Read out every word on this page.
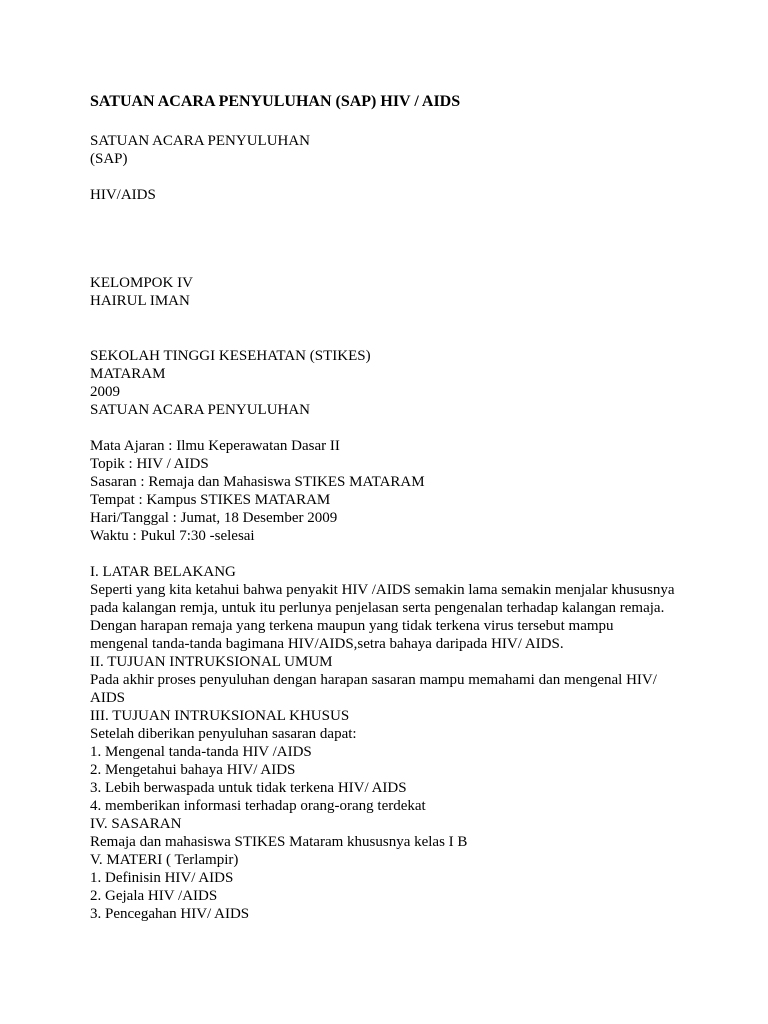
SATUAN ACARA PENYULUHAN (SAP) HIV / AIDS

SATUAN ACARA PENYULUHAN

(SAP)

HIV/AIDS

KELOMPOK IV

HAIRUL IMAN

SEKOLAH TINGGI KESEHATAN (STIKES)

MATARAM

2009

SATUAN ACARA PENYULUHAN

Mata Ajaran : Ilmu Keperawatan Dasar II

Topik : HIV / AIDS

Sasaran : Remaja dan Mahasiswa STIKES MATARAM

Tempat : Kampus STIKES MATARAM

Hari/Tanggal : Jumat, 18 Desember 2009

Waktu : Pukul 7:30 -selesai

I. LATAR BELAKANG

Seperti yang kita ketahui bahwa penyakit HIV /AIDS semakin lama semakin menjalar khususnya

pada kalangan remja, untuk itu perlunya penjelasan serta pengenalan terhadap kalangan remaja.

Dengan harapan remaja yang terkena maupun yang tidak terkena virus tersebut mampu

mengenal tanda-tanda bagimana HIV/AIDS,setra bahaya daripada HIV/ AIDS.

II. TUJUAN INTRUKSIONAL UMUM

Pada akhir proses penyuluhan dengan harapan sasaran mampu memahami dan mengenal HIV/

AIDS

III. TUJUAN INTRUKSIONAL KHUSUS

Setelah diberikan penyuluhan sasaran dapat:

1. Mengenal tanda-tanda HIV /AIDS

2. Mengetahui bahaya HIV/ AIDS

3. Lebih berwaspada untuk tidak terkena HIV/ AIDS

4. memberikan informasi terhadap orang-orang terdekat

IV. SASARAN

Remaja dan mahasiswa STIKES Mataram khususnya kelas I B

V. MATERI ( Terlampir)

1. Definisin HIV/ AIDS

2. Gejala HIV /AIDS

3. Pencegahan HIV/ AIDS
